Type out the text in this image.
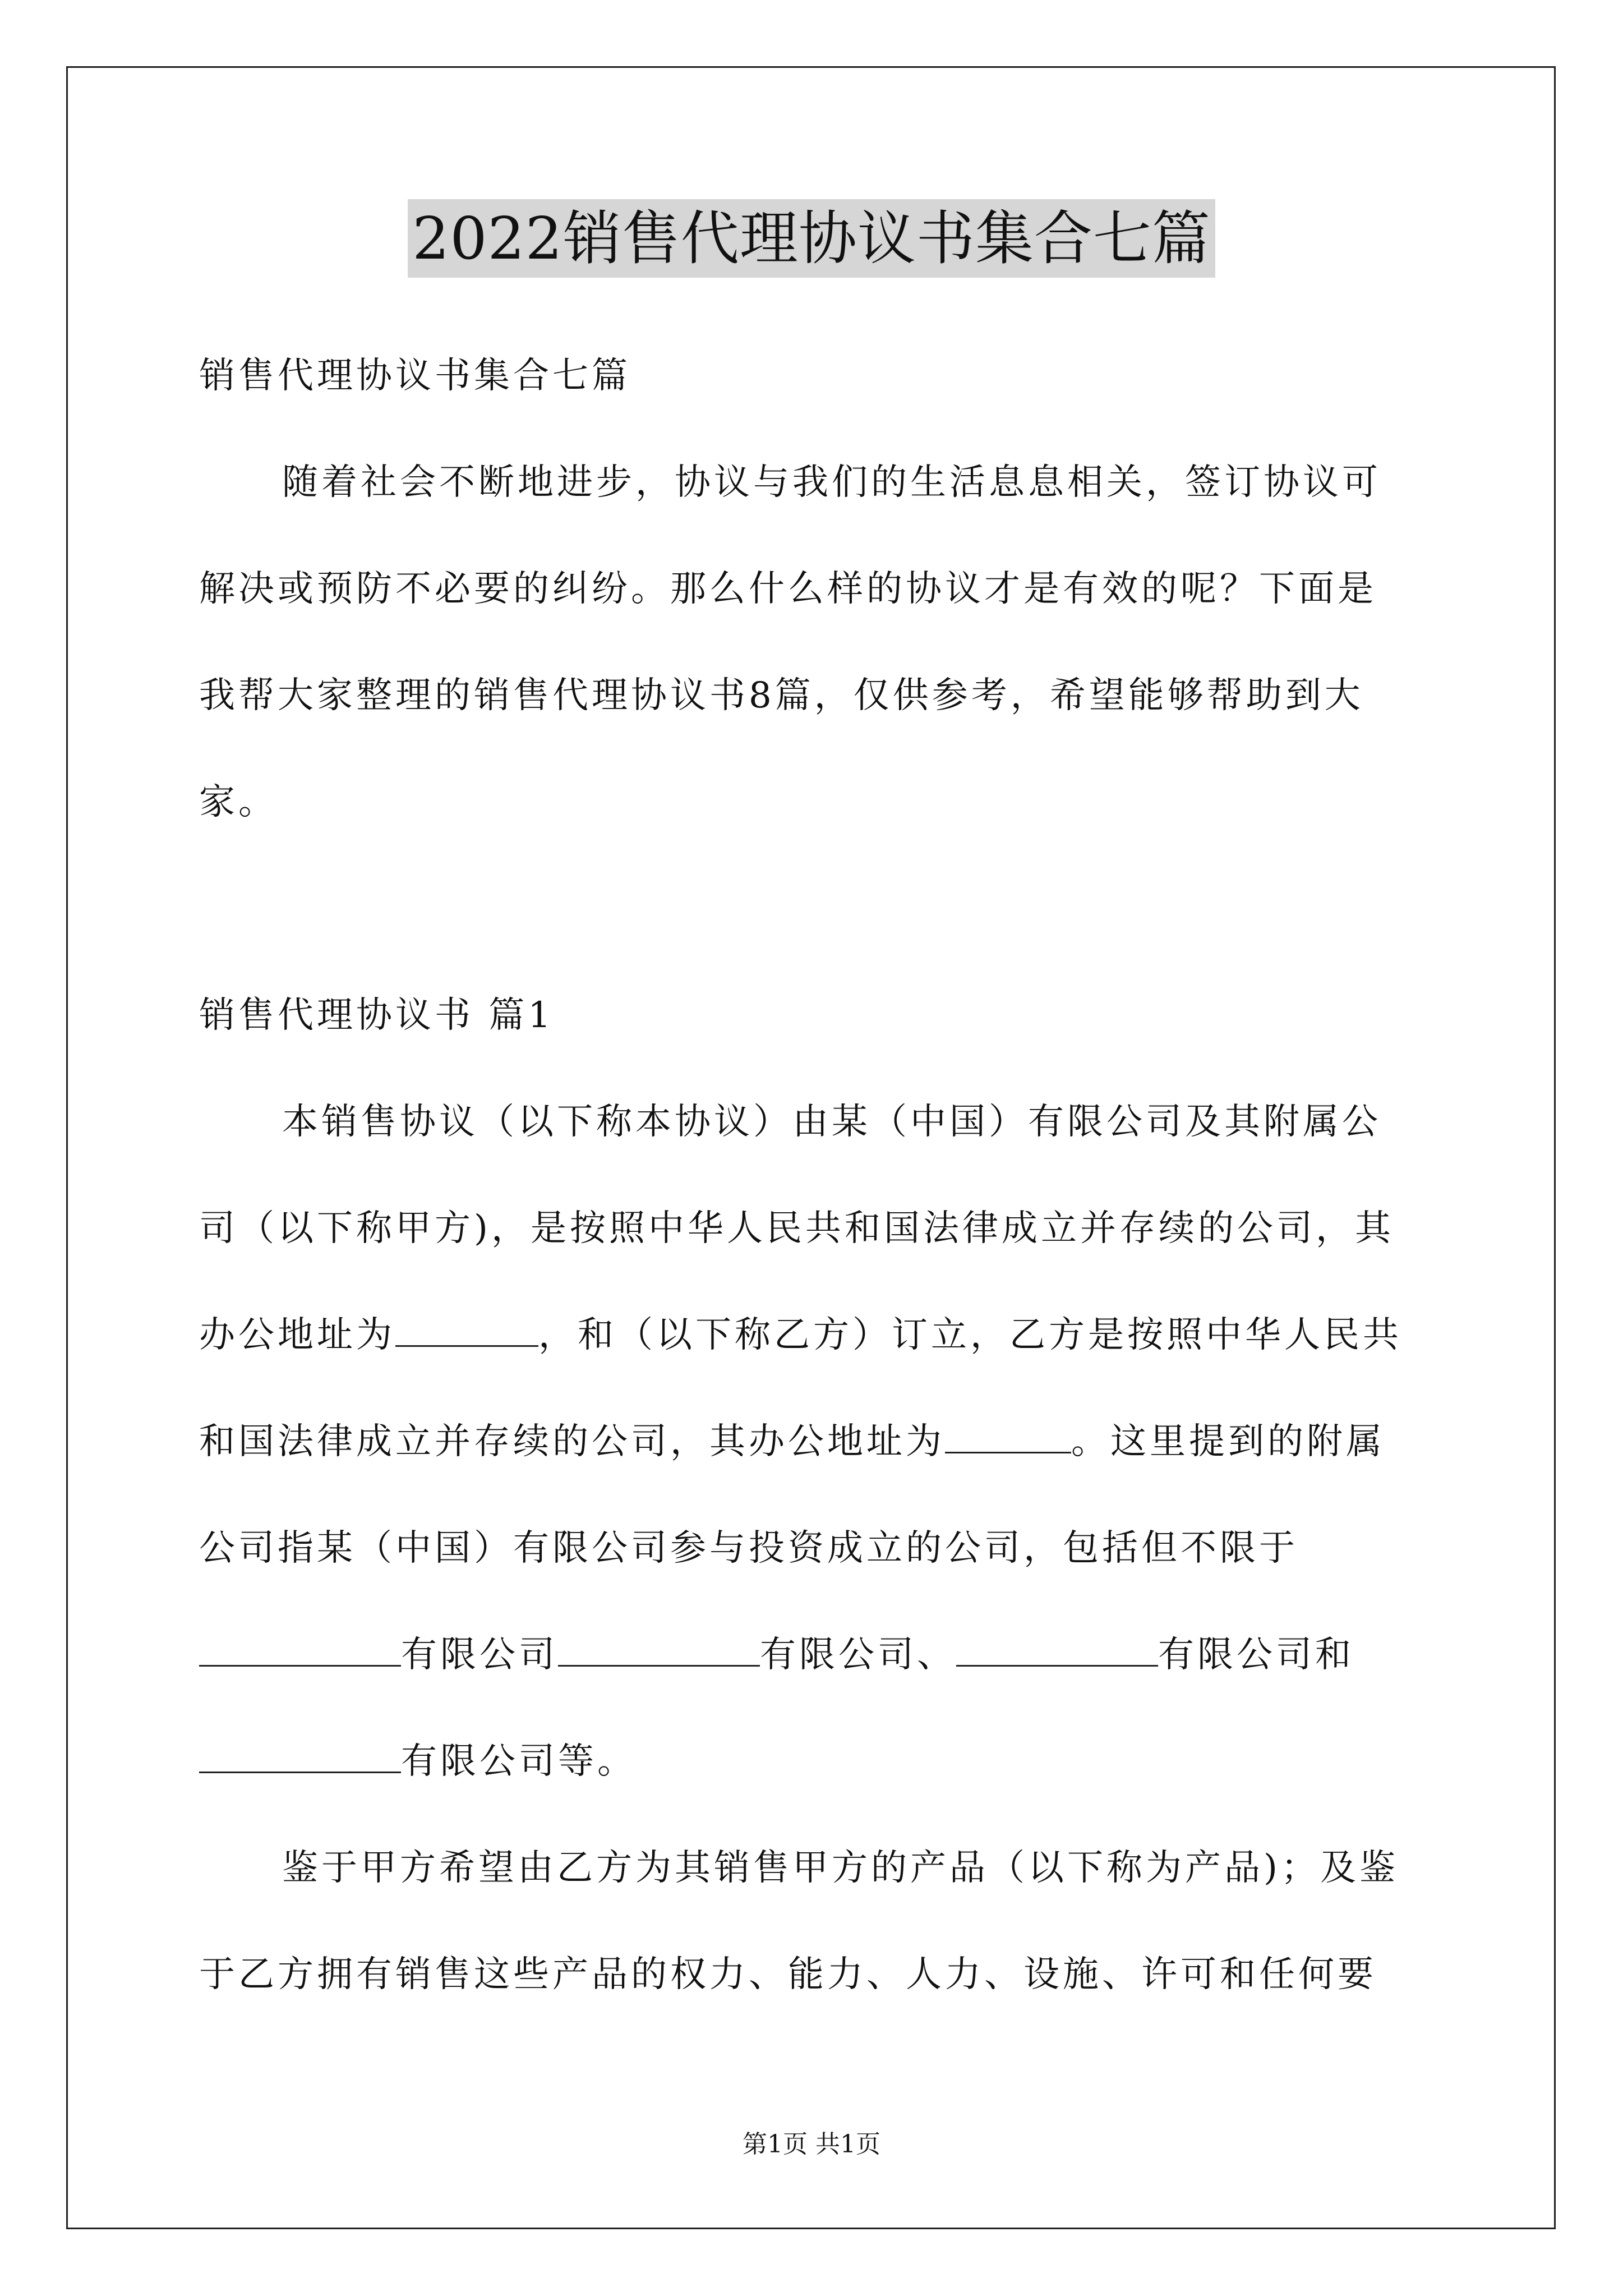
2022销售代理协议书集合七篇
销售代理协议书集合七篇
随着社会不断地进步，协议与我们的生活息息相关，签订协议可
解决或预防不必要的纠纷。那么什么样的协议才是有效的呢？下面是
我帮大家整理的销售代理协议书8篇，仅供参考，希望能够帮助到大
家。
销售代理协议书 篇1
本销售协议（以下称本协议）由某（中国）有限公司及其附属公
司（以下称甲方)，是按照中华人民共和国法律成立并存续的公司，其
办公地址为	，和（以下称乙方）订立，乙方是按照中华人民共
和国法律成立并存续的公司，其办公地址为	。这里提到的附属
公司指某（中国）有限公司参与投资成立的公司，包括但不限于
有限公司	有限公司、	有限公司和
有限公司等。
鉴于甲方希望由乙方为其销售甲方的产品（以下称为产品)；及鉴
于乙方拥有销售这些产品的权力、能力、人力、设施、许可和任何要
第1页 共1页
